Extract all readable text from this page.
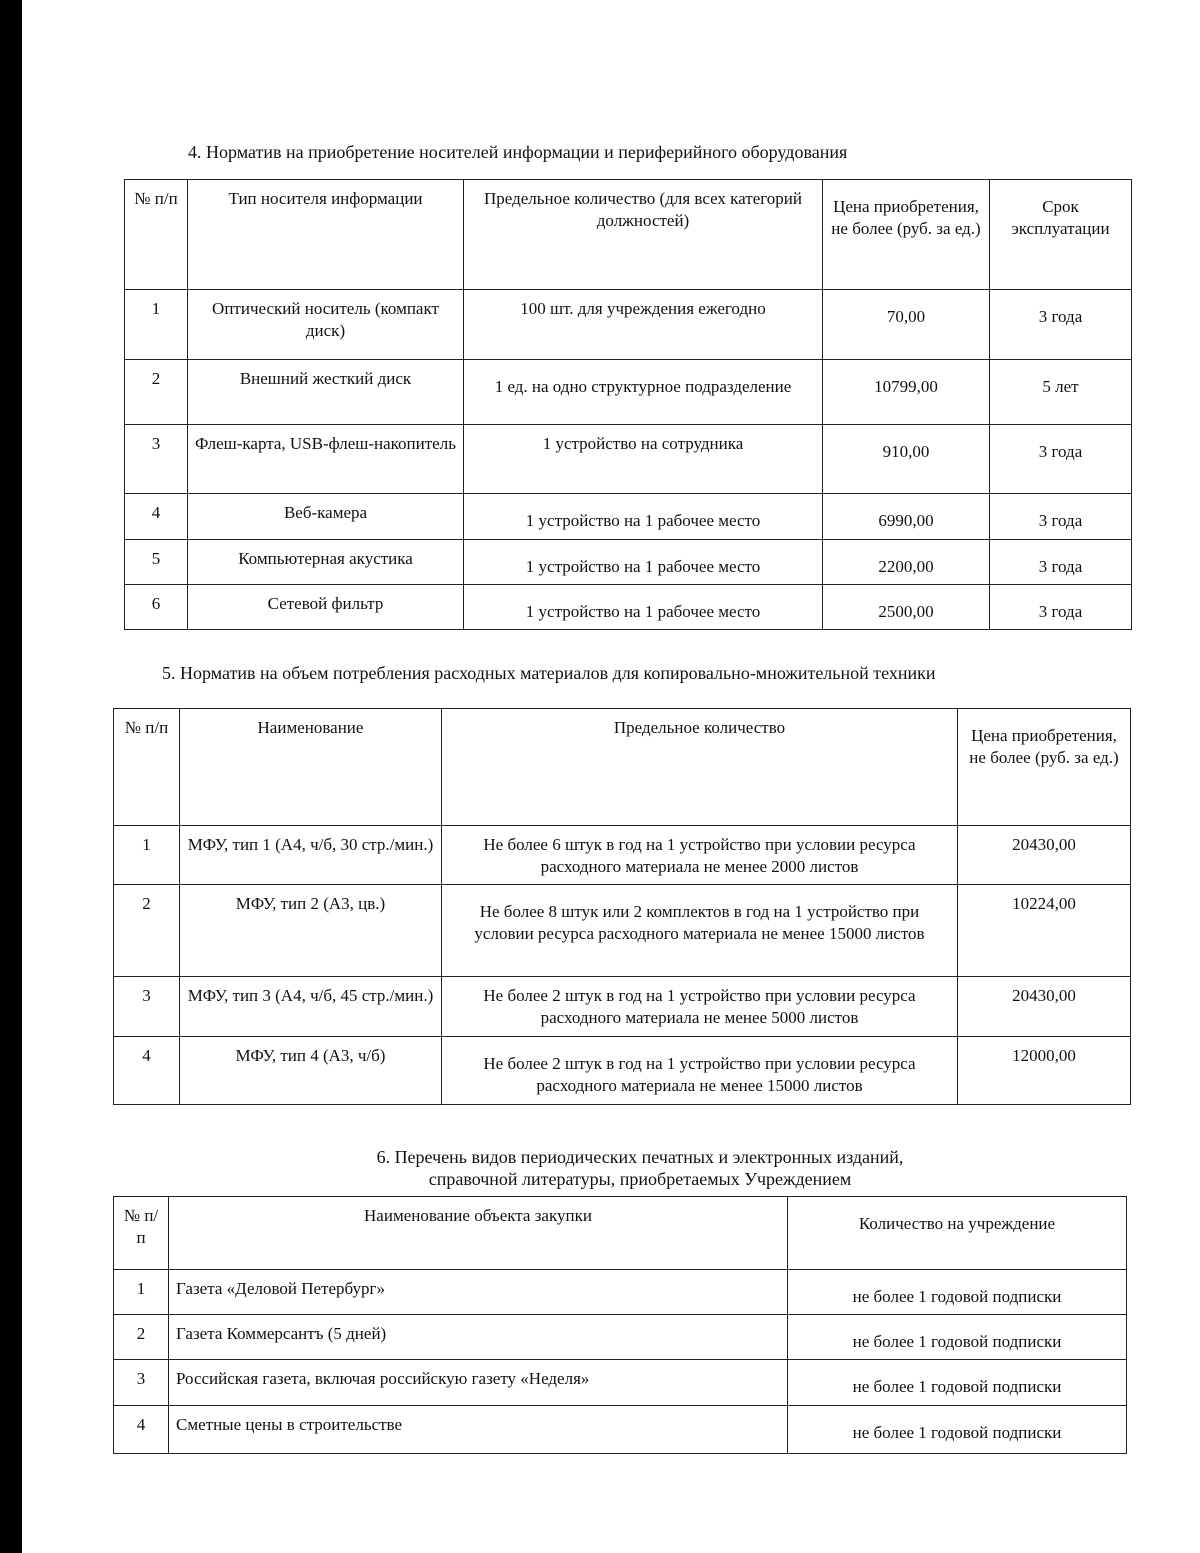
4. Норматив на приобретение носителей информации и периферийного оборудования
№ п/п	Тип носителя информации	Предельное количество (для всех категорий должностей)	Цена приобретения, не более (руб. за ед.)	Срок эксплуатации
1	Оптический носитель (компакт диск)	100 шт. для учреждения ежегодно	70,00	3 года
2	Внешний жесткий диск	1 ед. на одно структурное подразделение	10799,00	5 лет
3	Флеш-карта, USB-флеш-накопитель	1 устройство на сотрудника	910,00	3 года
4	Веб-камера	1 устройство на 1 рабочее место	6990,00	3 года
5	Компьютерная акустика	1 устройство на 1 рабочее место	2200,00	3 года
6	Сетевой фильтр	1 устройство на 1 рабочее место	2500,00	3 года
5. Норматив на объем потребления расходных материалов для копировально-множительной техники
№ п/п	Наименование	Предельное количество	Цена приобретения, не более (руб. за ед.)
1	МФУ, тип 1 (А4, ч/б, 30 стр./мин.)	Не более 6 штук в год на 1 устройство при условии ресурса расходного материала не менее 2000 листов	20430,00
2	МФУ, тип 2 (А3, цв.)	Не более 8 штук или 2 комплектов в год на 1 устройство при условии ресурса расходного материала не менее 15000 листов	10224,00
3	МФУ, тип 3 (А4, ч/б, 45 стр./мин.)	Не более 2 штук в год на 1 устройство при условии ресурса расходного материала не менее 5000 листов	20430,00
4	МФУ, тип 4 (А3, ч/б)	Не более 2 штук в год на 1 устройство при условии ресурса расходного материала не менее 15000 листов	12000,00
6. Перечень видов периодических печатных и электронных изданий,
справочной литературы, приобретаемых Учреждением
№ п/п	Наименование объекта закупки	Количество на учреждение
1	Газета «Деловой Петербург»	не более 1 годовой подписки
2	Газета Коммерсантъ (5 дней)	не более 1 годовой подписки
3	Российская газета, включая российскую газету «Неделя»	не более 1 годовой подписки
4	Сметные цены в строительстве	не более 1 годовой подписки
